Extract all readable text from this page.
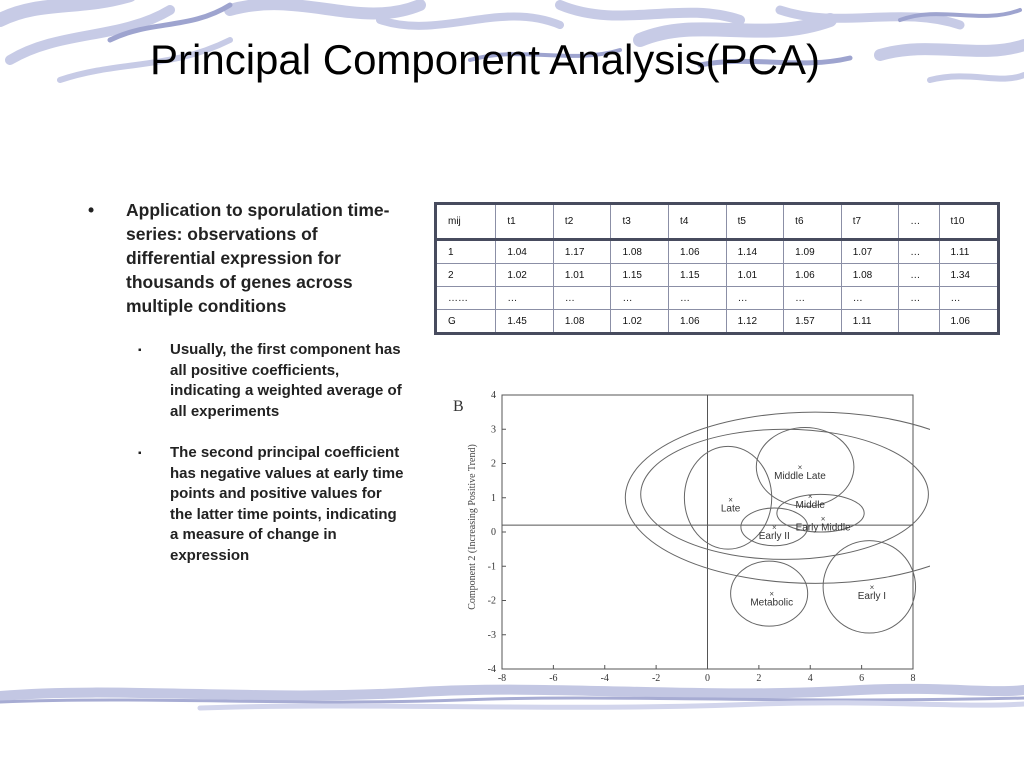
Principal Component Analysis(PCA)
• Application to sporulation time-series: observations of differential expression for thousands of genes across multiple conditions
▪ Usually, the first component has all positive coefficients, indicating a weighted average of all experiments
▪ The second principal coefficient has negative values at early time points and positive values for the latter time points, indicating a measure of change in expression
mij	t1	t2	t3	t4	t5	t6	t7	…	t10
1	1.04	1.17	1.08	1.06	1.14	1.09	1.07	…	1.11
2	1.02	1.01	1.15	1.15	1.01	1.06	1.08	…	1.34
……	…	…	…	…	…	…	…	…	…
G	1.45	1.08	1.02	1.06	1.12	1.57	1.11		1.06
B
Component 2 (Increasing Positive Trend)
-8	-6	-4	-2	0	2	4	6	8
4
3
2
1
0
-1
-2
-3
-4
×
Middle Late
×
Middle
×
Late
×
Early Middle
×
Early II
×
Early I
×
Metabolic
